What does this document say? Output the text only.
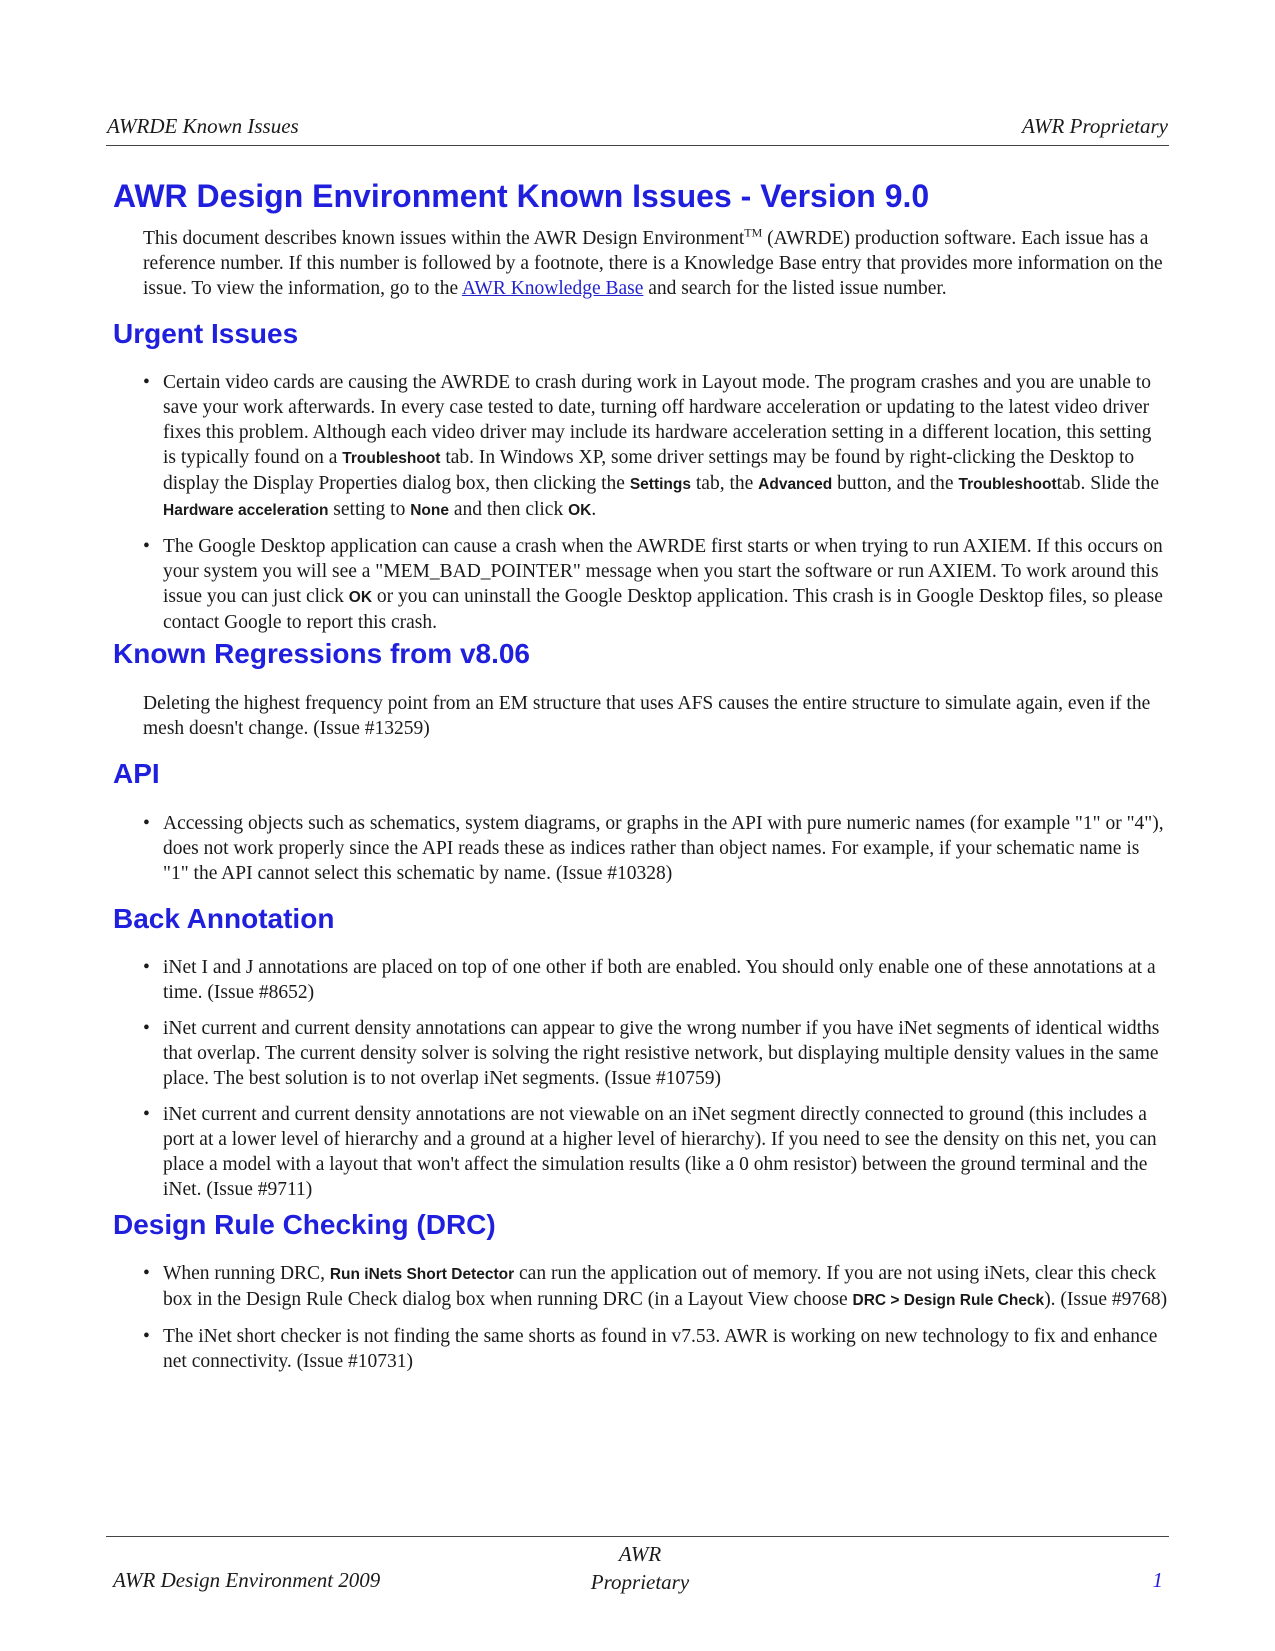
AWRDE Known Issues	AWR Proprietary
AWR Design Environment Known Issues - Version 9.0

This document describes known issues within the AWR Design Environment™ (AWRDE) production software. Each issue has a reference number. If this number is followed by a footnote, there is a Knowledge Base entry that provides more information on the issue. To view the information, go to the AWR Knowledge Base and search for the listed issue number.

Urgent Issues
• Certain video cards are causing the AWRDE to crash during work in Layout mode. The program crashes and you are unable to save your work afterwards. In every case tested to date, turning off hardware acceleration or updating to the latest video driver fixes this problem. Although each video driver may include its hardware acceleration setting in a different location, this setting is typically found on a Troubleshoot tab. In Windows XP, some driver settings may be found by right-clicking the Desktop to display the Display Properties dialog box, then clicking the Settings tab, the Advanced button, and the Troubleshoottab. Slide the Hardware acceleration setting to None and then click OK.
• The Google Desktop application can cause a crash when the AWRDE first starts or when trying to run AXIEM. If this occurs on your system you will see a "MEM_BAD_POINTER" message when you start the software or run AXIEM. To work around this issue you can just click OK or you can uninstall the Google Desktop application. This crash is in Google Desktop files, so please contact Google to report this crash.
Known Regressions from v8.06

Deleting the highest frequency point from an EM structure that uses AFS causes the entire structure to simulate again, even if the mesh doesn't change. (Issue #13259)

API
• Accessing objects such as schematics, system diagrams, or graphs in the API with pure numeric names (for example "1" or "4"), does not work properly since the API reads these as indices rather than object names. For example, if your schematic name is "1" the API cannot select this schematic by name. (Issue #10328)
Back Annotation
• iNet I and J annotations are placed on top of one other if both are enabled. You should only enable one of these annotations at a time. (Issue #8652)
• iNet current and current density annotations can appear to give the wrong number if you have iNet segments of identical widths that overlap. The current density solver is solving the right resistive network, but displaying multiple density values in the same place. The best solution is to not overlap iNet segments. (Issue #10759)
• iNet current and current density annotations are not viewable on an iNet segment directly connected to ground (this includes a port at a lower level of hierarchy and a ground at a higher level of hierarchy). If you need to see the density on this net, you can place a model with a layout that won't affect the simulation results (like a 0 ohm resistor) between the ground terminal and the iNet. (Issue #9711)
Design Rule Checking (DRC)
• When running DRC, Run iNets Short Detector can run the application out of memory. If you are not using iNets, clear this check box in the Design Rule Check dialog box when running DRC (in a Layout View choose DRC > Design Rule Check). (Issue #9768)
• The iNet short checker is not finding the same shorts as found in v7.53. AWR is working on new technology to fix and enhance net connectivity. (Issue #10731)
AWR Design Environment 2009
AWR
Proprietary	1
